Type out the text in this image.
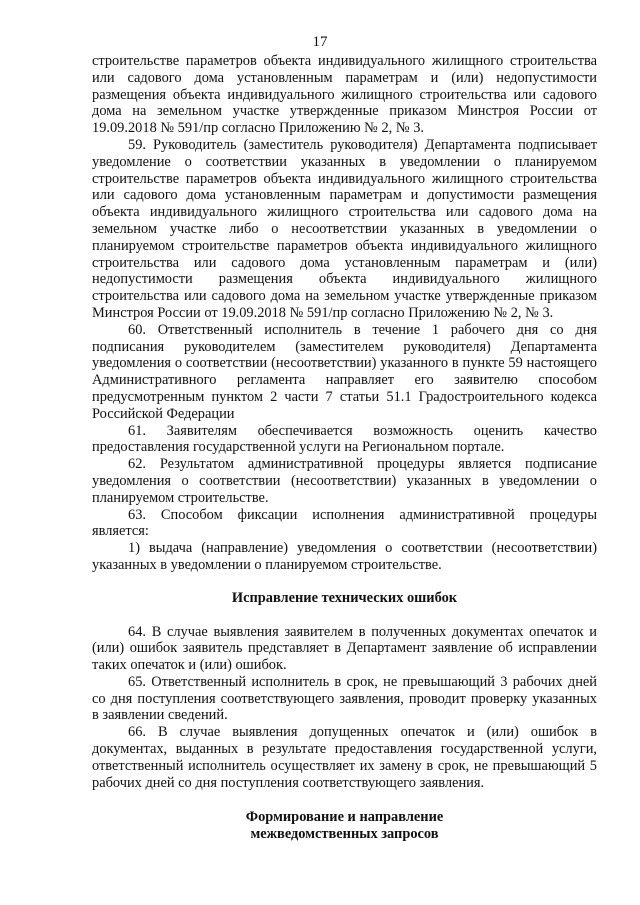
17

строительстве параметров объекта индивидуального жилищного строительства или садового дома установленным параметрам и (или) недопустимости размещения объекта индивидуального жилищного строительства или садового дома на земельном участке утвержденные приказом Минстроя России от 19.09.2018 № 591/пр согласно Приложению № 2, № 3.

59. Руководитель (заместитель руководителя) Департамента подписывает уведомление о соответствии указанных в уведомлении о планируемом строительстве параметров объекта индивидуального жилищного строительства или садового дома установленным параметрам и допустимости размещения объекта индивидуального жилищного строительства или садового дома на земельном участке либо о несоответствии указанных в уведомлении о планируемом строительстве параметров объекта индивидуального жилищного строительства или садового дома установленным параметрам и (или) недопустимости размещения объекта индивидуального жилищного строительства или садового дома на земельном участке утвержденные приказом Минстроя России от 19.09.2018 № 591/пр согласно Приложению № 2, № 3.

60. Ответственный исполнитель в течение 1 рабочего дня со дня подписания руководителем (заместителем руководителя) Департамента уведомления о соответствии (несоответствии) указанного в пункте 59 настоящего Административного регламента направляет его заявителю способом предусмотренным пунктом 2 части 7 статьи 51.1 Градостроительного кодекса Российской Федерации

61. Заявителям обеспечивается возможность оценить качество предоставления государственной услуги на Региональном портале.

62. Результатом административной процедуры является подписание уведомления о соответствии (несоответствии) указанных в уведомлении о планируемом строительстве.

63. Способом фиксации исполнения административной процедуры является:

1) выдача (направление) уведомления о соответствии (несоответствии) указанных в уведомлении о планируемом строительстве.

Исправление технических ошибок

64. В случае выявления заявителем в полученных документах опечаток и (или) ошибок заявитель представляет в Департамент заявление об исправлении таких опечаток и (или) ошибок.

65. Ответственный исполнитель в срок, не превышающий 3 рабочих дней со дня поступления соответствующего заявления, проводит проверку указанных в заявлении сведений.

66. В случае выявления допущенных опечаток и (или) ошибок в документах, выданных в результате предоставления государственной услуги, ответственный исполнитель осуществляет их замену в срок, не превышающий 5 рабочих дней со дня поступления соответствующего заявления.

Формирование и направление

межведомственных запросов
